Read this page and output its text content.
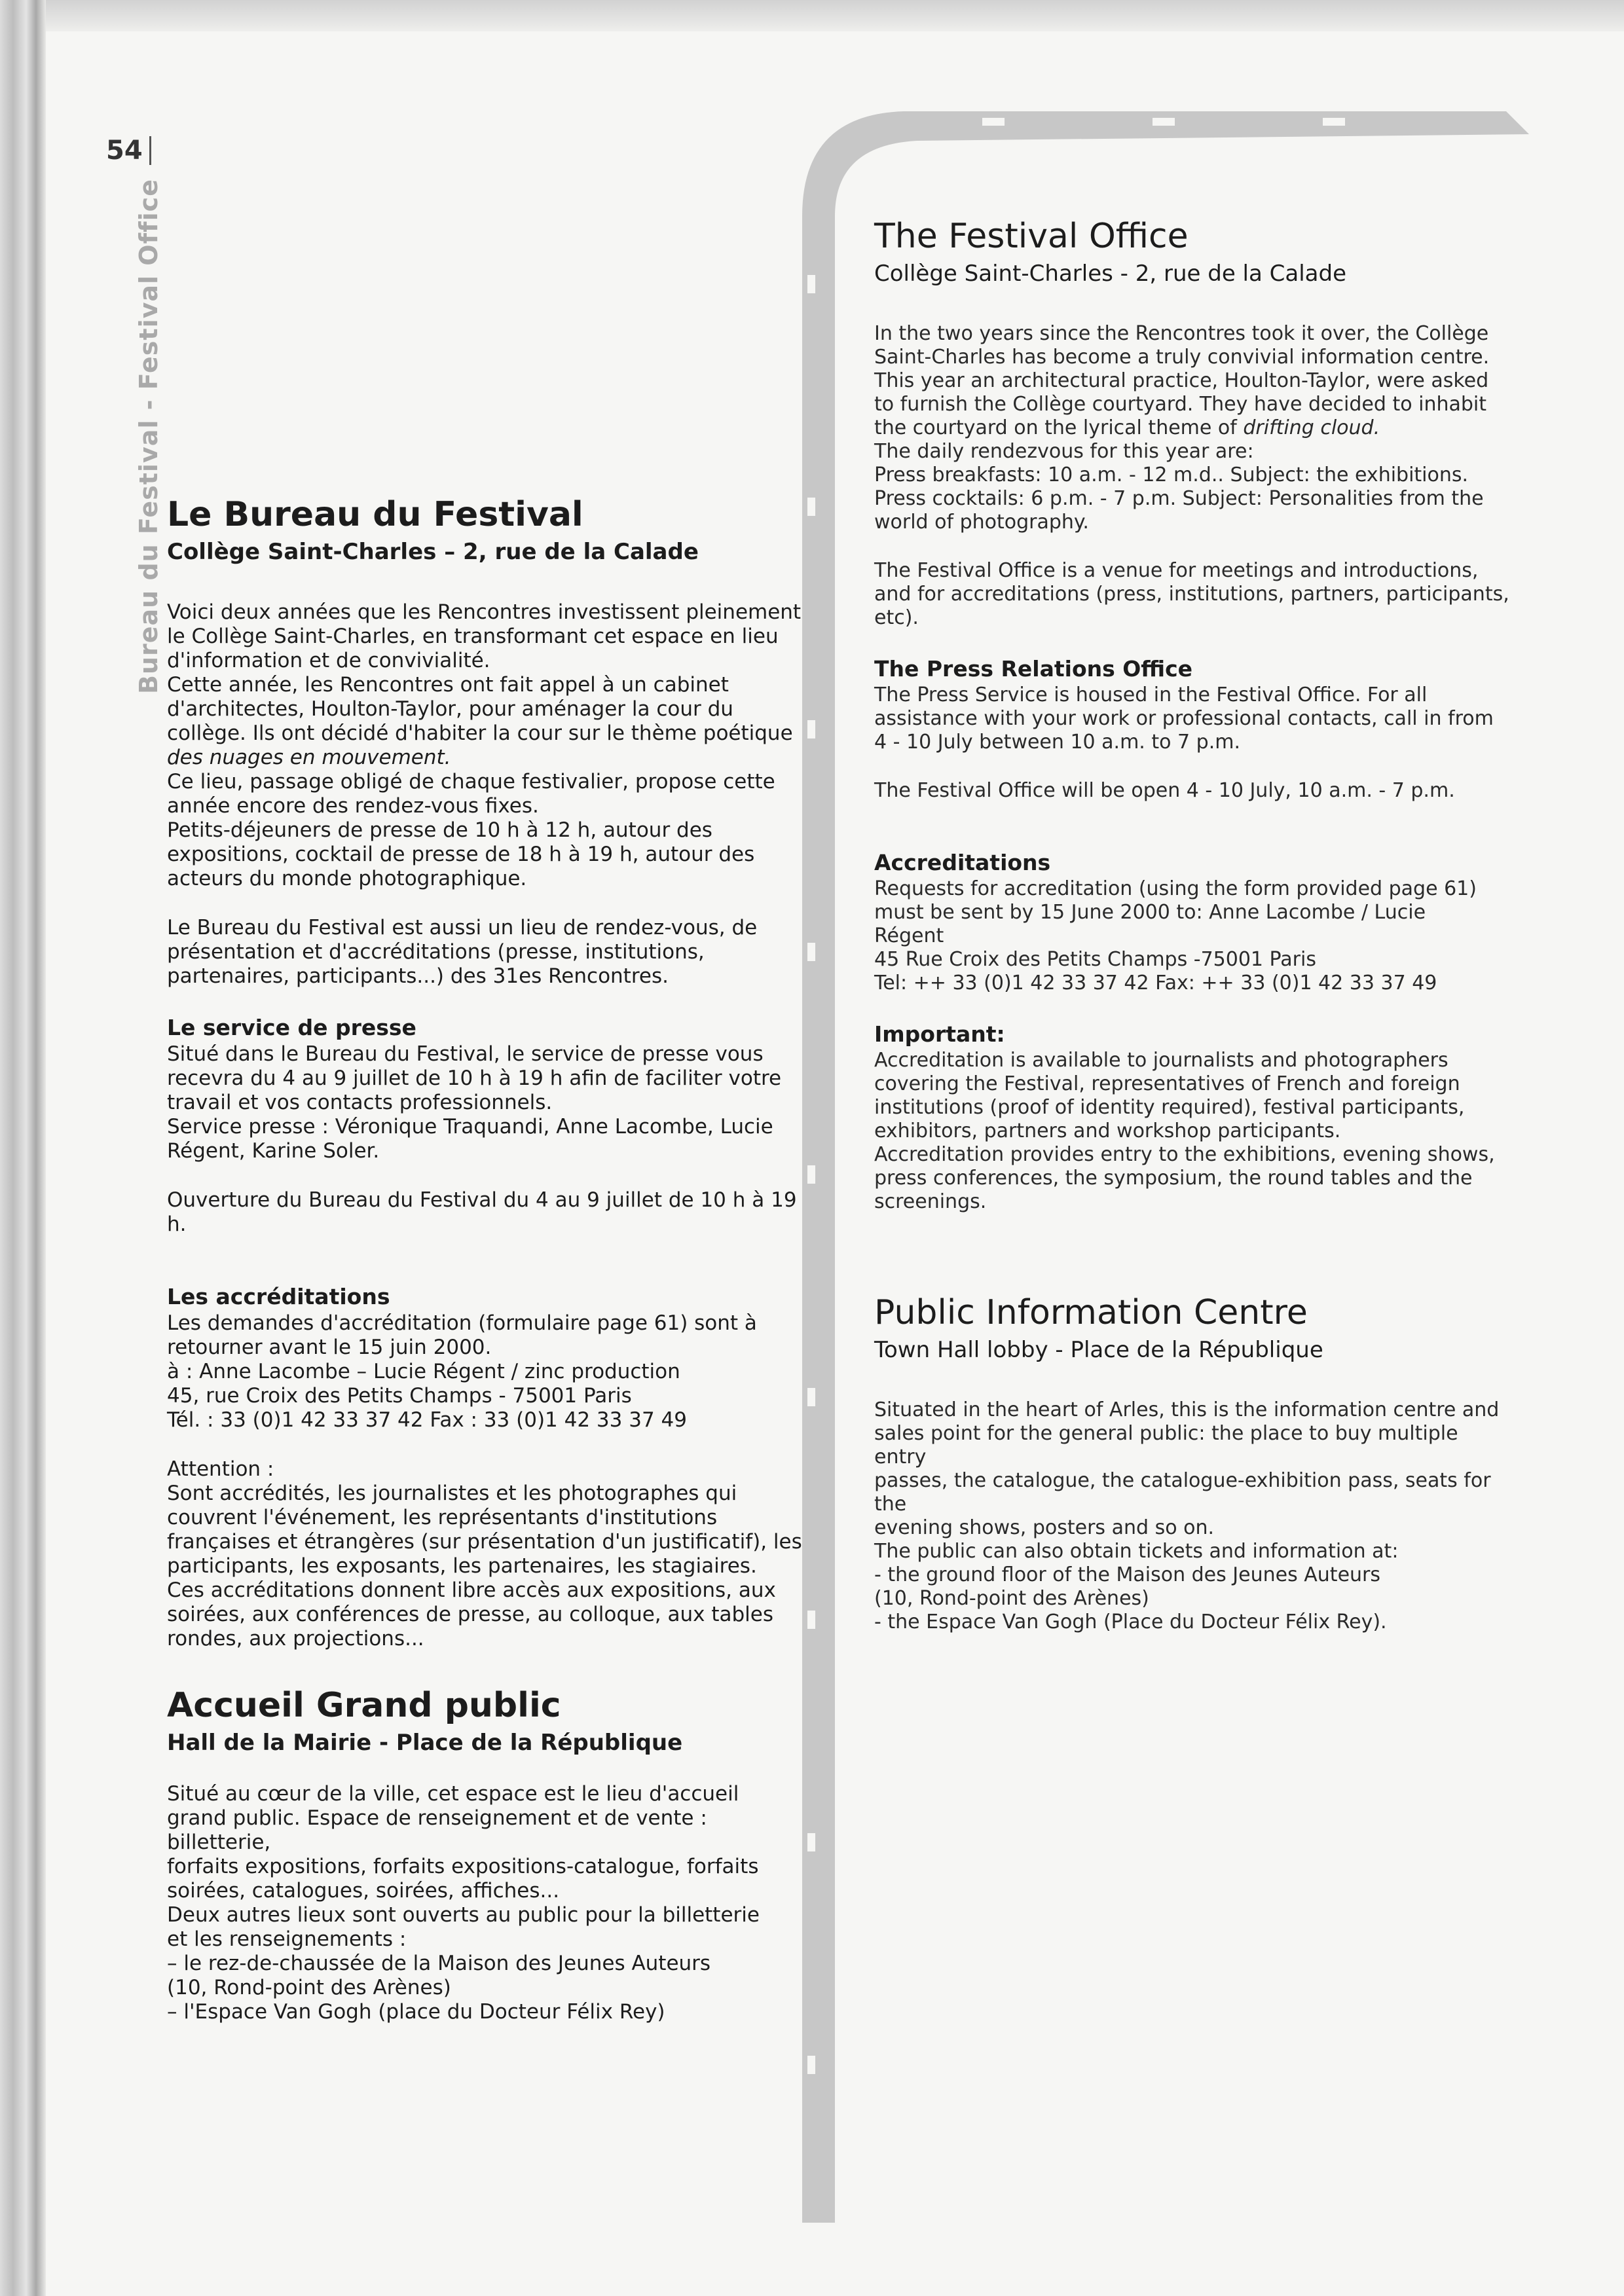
54
Bureau du Festival - Festival Office Le Bureau du Festival
Collège Saint-Charles – 2, rue de la Calade

Voici deux années que les Rencontres investissent pleinement
le Collège Saint-Charles, en transformant cet espace en lieu
d'information et de convivialité.
Cette année, les Rencontres ont fait appel à un cabinet
d'architectes, Houlton-Taylor, pour aménager la cour du
collège. Ils ont décidé d'habiter la cour sur le thème poétique
des nuages en mouvement.
Ce lieu, passage obligé de chaque festivalier, propose cette
année encore des rendez-vous fixes.
Petits-déjeuners de presse de 10 h à 12 h, autour des
expositions, cocktail de presse de 18 h à 19 h, autour des
acteurs du monde photographique.

Le Bureau du Festival est aussi un lieu de rendez-vous, de
présentation et d'accréditations (presse, institutions,
partenaires, participants...) des 31es Rencontres.

Le service de presse

Situé dans le Bureau du Festival, le service de presse vous
recevra du 4 au 9 juillet de 10 h à 19 h afin de faciliter votre
travail et vos contacts professionnels.
Service presse : Véronique Traquandi, Anne Lacombe, Lucie
Régent, Karine Soler.

Ouverture du Bureau du Festival du 4 au 9 juillet de 10 h à 19 h.

Les accréditations

Les demandes d'accréditation (formulaire page 61) sont à
retourner avant le 15 juin 2000.
à : Anne Lacombe – Lucie Régent / zinc production
45, rue Croix des Petits Champs - 75001 Paris
Tél. : 33 (0)1 42 33 37 42 Fax : 33 (0)1 42 33 37 49

Attention :

Sont accrédités, les journalistes et les photographes qui
couvrent l'événement, les représentants d'institutions
françaises et étrangères (sur présentation d'un justificatif), les
participants, les exposants, les partenaires, les stagiaires.
Ces accréditations donnent libre accès aux expositions, aux
soirées, aux conférences de presse, au colloque, aux tables
rondes, aux projections...

Accueil Grand public
Hall de la Mairie - Place de la République

Situé au cœur de la ville, cet espace est le lieu d'accueil
grand public. Espace de renseignement et de vente : billetterie,
forfaits expositions, forfaits expositions-catalogue, forfaits
soirées, catalogues, soirées, affiches...
Deux autres lieux sont ouverts au public pour la billetterie
et les renseignements :
– le rez-de-chaussée de la Maison des Jeunes Auteurs
(10, Rond-point des Arènes)
– l'Espace Van Gogh (place du Docteur Félix Rey)

The Festival Office
Collège Saint-Charles - 2, rue de la Calade

In the two years since the Rencontres took it over, the Collège
Saint-Charles has become a truly convivial information centre.
This year an architectural practice, Houlton-Taylor, were asked
to furnish the Collège courtyard. They have decided to inhabit
the courtyard on the lyrical theme of drifting cloud.
The daily rendezvous for this year are:
Press breakfasts: 10 a.m. - 12 m.d.. Subject: the exhibitions.
Press cocktails: 6 p.m. - 7 p.m. Subject: Personalities from the
world of photography.

The Festival Office is a venue for meetings and introductions,
and for accreditations (press, institutions, partners, participants,
etc).

The Press Relations Office

The Press Service is housed in the Festival Office. For all
assistance with your work or professional contacts, call in from
4 - 10 July between 10 a.m. to 7 p.m.

The Festival Office will be open 4 - 10 July, 10 a.m. - 7 p.m.

Accreditations

Requests for accreditation (using the form provided page 61)
must be sent by 15 June 2000 to: Anne Lacombe / Lucie
Régent
45 Rue Croix des Petits Champs -75001 Paris
Tel: ++ 33 (0)1 42 33 37 42 Fax: ++ 33 (0)1 42 33 37 49

Important:

Accreditation is available to journalists and photographers
covering the Festival, representatives of French and foreign
institutions (proof of identity required), festival participants,
exhibitors, partners and workshop participants.
Accreditation provides entry to the exhibitions, evening shows,
press conferences, the symposium, the round tables and the
screenings.

Public Information Centre
Town Hall lobby - Place de la République

Situated in the heart of Arles, this is the information centre and
sales point for the general public: the place to buy multiple entry
passes, the catalogue, the catalogue-exhibition pass, seats for the
evening shows, posters and so on.
The public can also obtain tickets and information at:
- the ground floor of the Maison des Jeunes Auteurs
(10, Rond-point des Arènes)
- the Espace Van Gogh (Place du Docteur Félix Rey).
